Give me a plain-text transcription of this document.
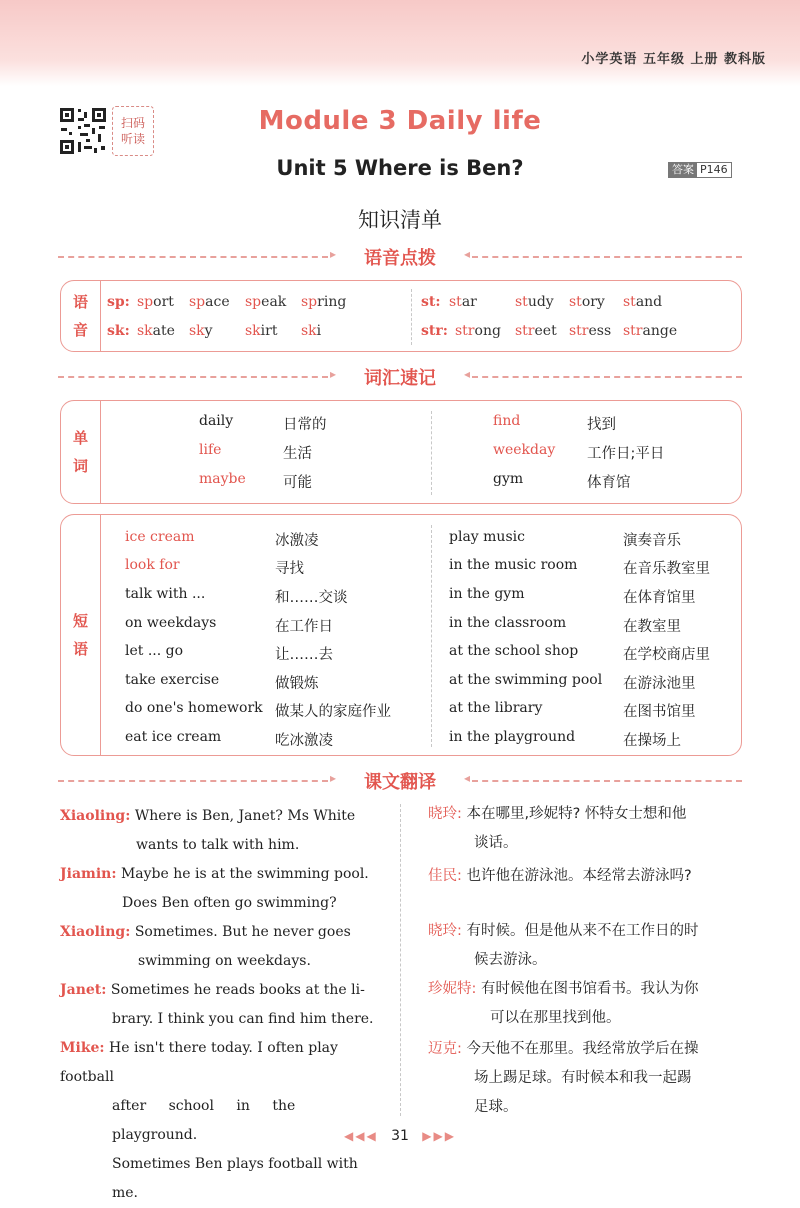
小学英语 五年级 上册 教科版
扫码
听读
Module 3 Daily life
Unit 5 Where is Ben?	答案 P146
知识清单
▸	◂
语音点拨
语
音
sp: sport space speak spring
sk: skate sky skirt ski
st: star	study story stand
str: strong street stress strange
▸	◂
词汇速记
单
词
daily	日常的
life	生活
maybe	可能
find	找到
weekday 工作日;平日
gym	体育馆
短
语
ice cream	冰激凌
look for	寻找
talk with ...	和……交谈
on weekdays	在工作日
let ... go	让……去
take exercise	做锻炼
do one's homework 做某人的家庭作业
eat ice cream	吃冰激凌
play music	演奏音乐
in the music room	在音乐教室里
in the gym	在体育馆里
in the classroom	在教室里
at the school shop	在学校商店里
at the swimming pool 在游泳池里
at the library	在图书馆里
in the playground	在操场上
▸	◂
课文翻译
Xiaoling: Where is Ben, Janet? Ms White
wants to talk with him.
Jiamin: Maybe he is at the swimming pool.
Does Ben often go swimming?
Xiaoling: Sometimes. But he never goes
swimming on weekdays.
Janet: Sometimes he reads books at the li-
brary. I think you can find him there.
Mike: He isn't there today. I often play football
after school in the playground.
Sometimes Ben plays football with me.
晓玲: 本在哪里,珍妮特? 怀特女士想和他
谈话。
佳民: 也许他在游泳池。本经常去游泳吗?
晓玲: 有时候。但是他从来不在工作日的时
候去游泳。
珍妮特: 有时候他在图书馆看书。我认为你
可以在那里找到他。
迈克: 今天他不在那里。我经常放学后在操
场上踢足球。有时候本和我一起踢
足球。
◀◀◀ 31 ▶▶▶
